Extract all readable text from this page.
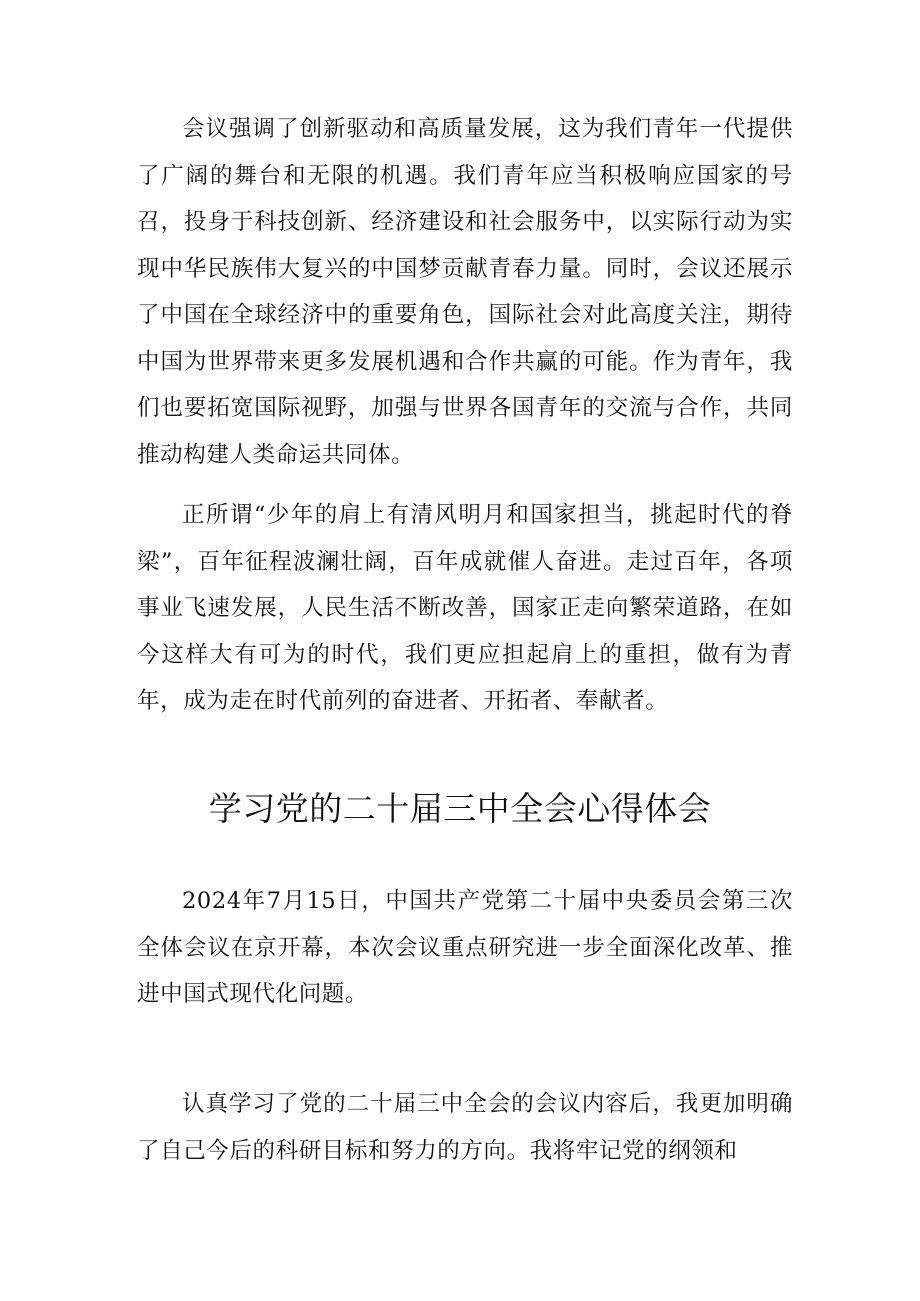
会议强调了创新驱动和高质量发展，这为我们青年一代提供了广阔的舞台和无限的机遇。我们青年应当积极响应国家的号召，投身于科技创新、经济建设和社会服务中，以实际行动为实现中华民族伟大复兴的中国梦贡献青春力量。同时，会议还展示了中国在全球经济中的重要角色，国际社会对此高度关注，期待中国为世界带来更多发展机遇和合作共赢的可能。作为青年，我们也要拓宽国际视野，加强与世界各国青年的交流与合作，共同推动构建人类命运共同体。

正所谓“少年的肩上有清风明月和国家担当，挑起时代的脊梁”，百年征程波澜壮阔，百年成就催人奋进。走过百年，各项事业飞速发展，人民生活不断改善，国家正走向繁荣道路，在如今这样大有可为的时代，我们更应担起肩上的重担，做有为青年，成为走在时代前列的奋进者、开拓者、奉献者。

学习党的二十届三中全会心得体会

2024年7月15日，中国共产党第二十届中央委员会第三次全体会议在京开幕，本次会议重点研究进一步全面深化改革、推进中国式现代化问题。

认真学习了党的二十届三中全会的会议内容后，我更加明确了自己今后的科研目标和努力的方向。我将牢记党的纲领和
